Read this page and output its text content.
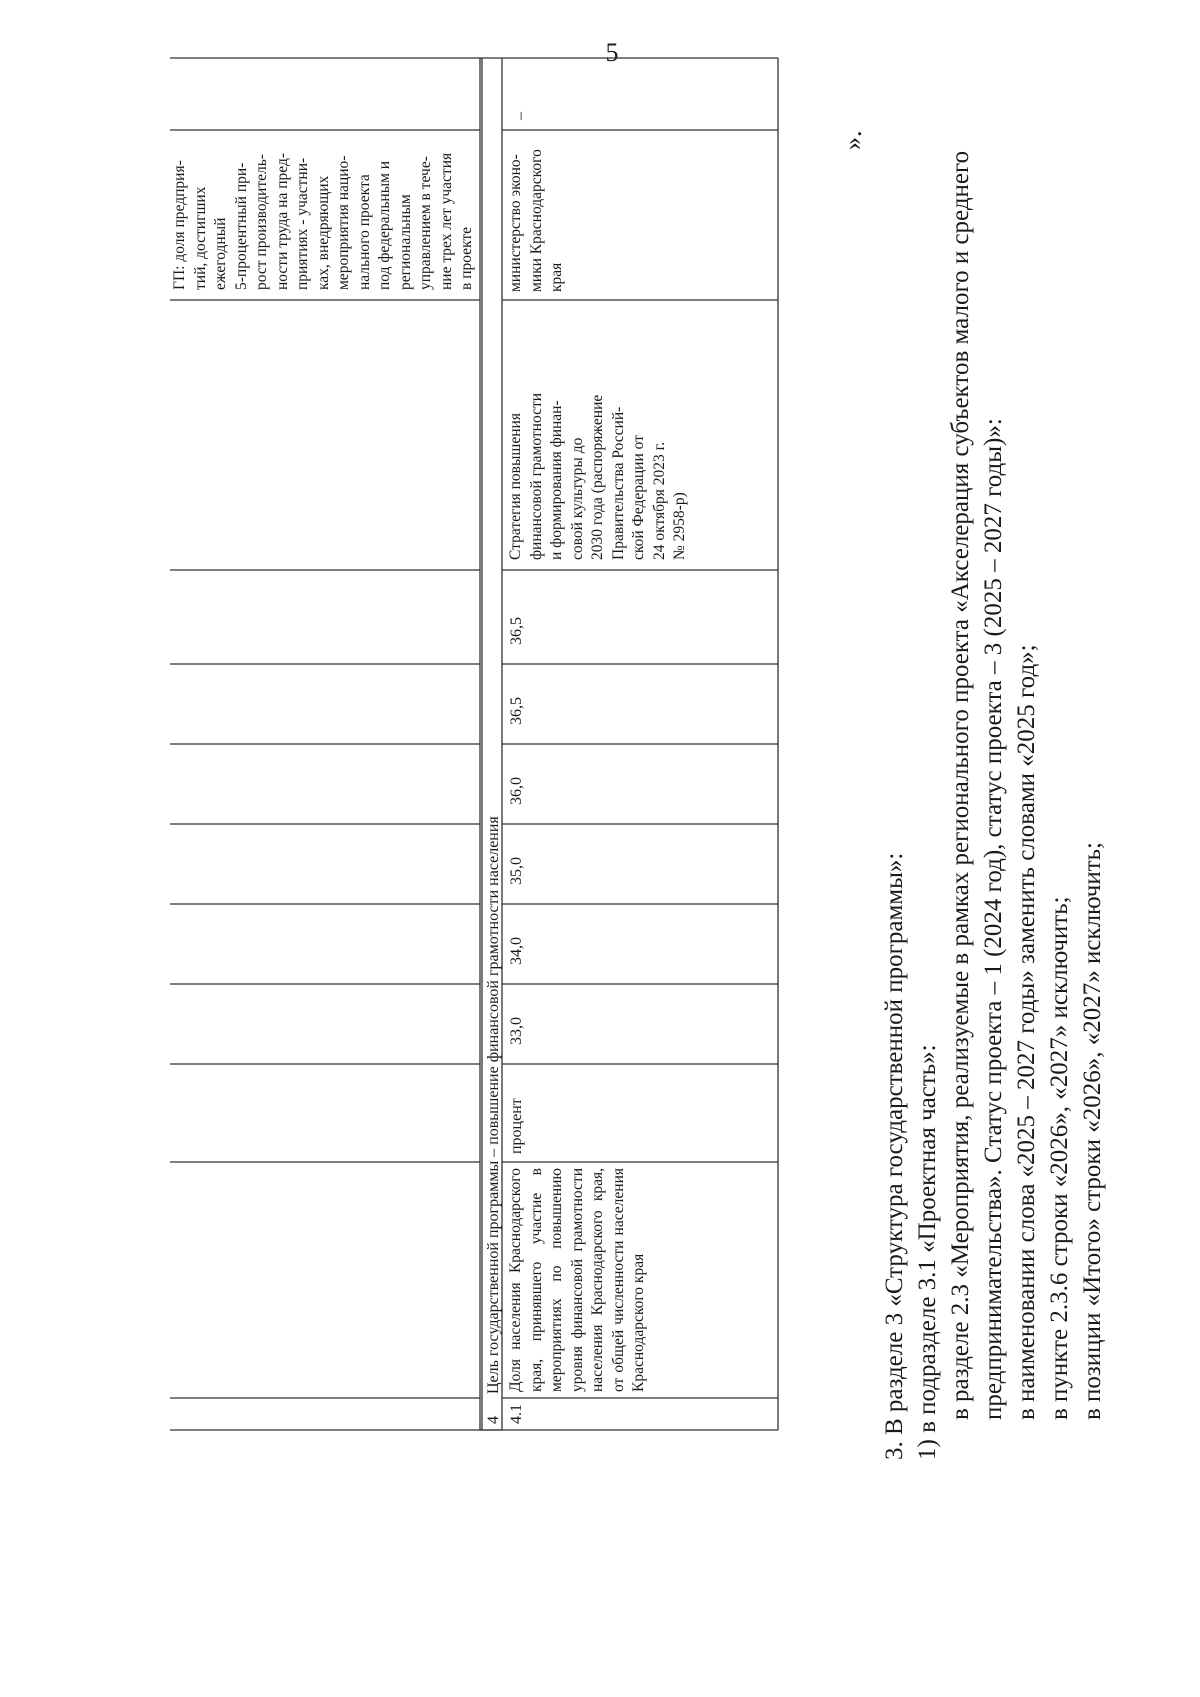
5
ГП: доля предприя-
тий, достигших
ежегодный
5-процентный при-
рост производитель-
ности труда на пред-
приятиях - участни-
ках, внедряющих
мероприятия нацио-
нального проекта
под федеральным и
региональным
управлением в тече-
ние трех лет участия
в проекте
4
Цель государственной программы – повышение финансовой грамотности населения
4.1
Доля населения Краснодарского края, принявшего участие в мероприятиях по повышению уровня финансовой грамотности населения Краснодарского края, от общей численности населения Краснодарского края
процент
33,0
34,0
35,0
36,0
36,5
36,5
Стратегия повышения
финансовой грамотности
и формирования финан-
совой культуры до
2030 года (распоряжение
Правительства Россий-
ской Федерации от
24 октября 2023 г.
№ 2958-р)
министерство эконо-
мики Краснодарского
края
–
».

3. В разделе 3 «Структура государственной программы»: 1) в подразделе 3.1 «Проектная часть»: в разделе 2.3 «Мероприятия, реализуемые в рамках регионального проекта «Акселерация субъектов малого и среднего предпринимательства». Статус проекта – 1 (2024 год), статус проекта – 3 (2025 – 2027 годы)»: в наименовании слова «2025 – 2027 годы» заменить словами «2025 год»; в пункте 2.3.6 строки «2026», «2027» исключить; в позиции «Итого» строки «2026», «2027» исключить;
